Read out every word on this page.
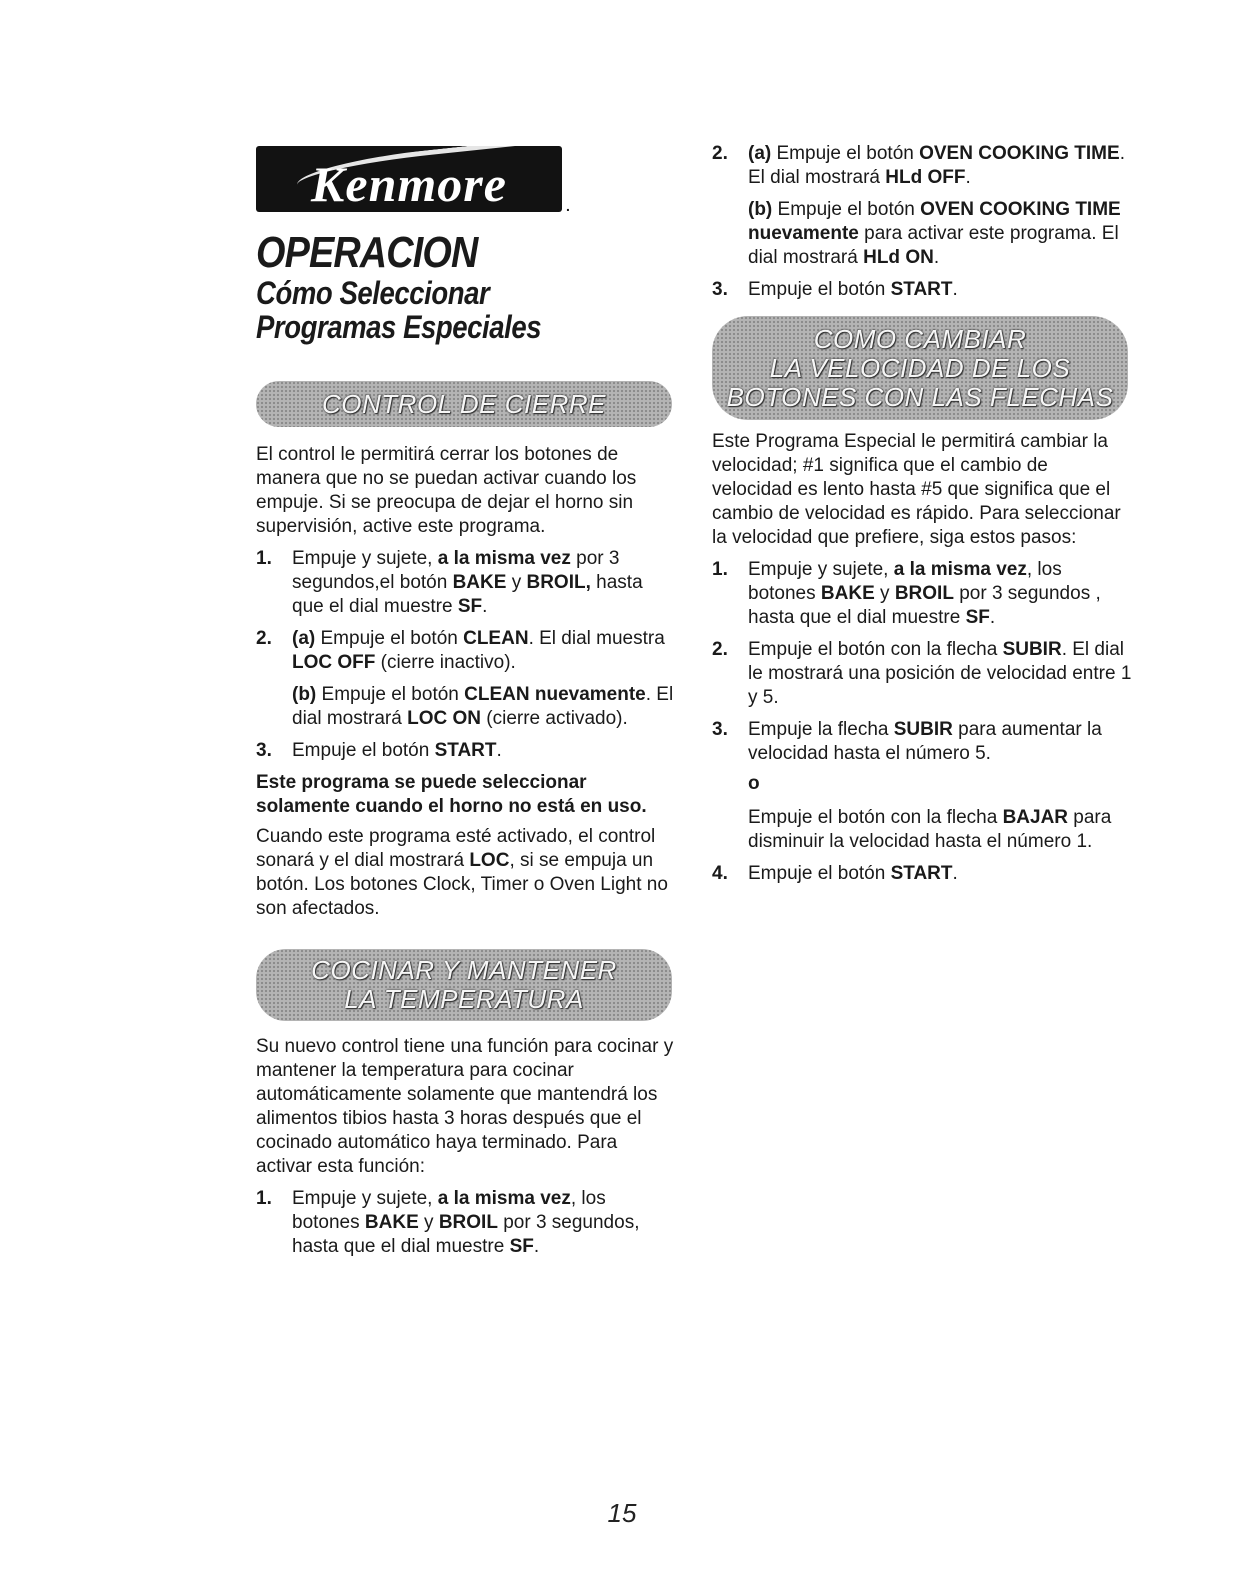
Kenmore	.
OPERACION
Cómo Seleccionar
Programas Especiales
CONTROL DE CIERRE

El control le permitirá cerrar los botones de manera que no se puedan activar cuando los empuje. Si se preocupa de dejar el horno sin supervisión, active este programa.

1. Empuje y sujete, a la misma vez por 3 segundos,el botón BAKE y BROIL, hasta que el dial muestre SF.
2. (a) Empuje el botón CLEAN. El dial muestra LOC OFF (cierre inactivo).
(b) Empuje el botón CLEAN nuevamente. El dial mostrará LOC ON (cierre activado).
3. Empuje el botón START.

Este programa se puede seleccionar solamente cuando el horno no está en uso.

Cuando este programa esté activado, el control sonará y el dial mostrará LOC, si se empuja un botón. Los botones Clock, Timer o Oven Light no son afectados.

COCINAR Y MANTENER
LA TEMPERATURA

Su nuevo control tiene una función para cocinar y mantener la temperatura para cocinar automáticamente solamente que mantendrá los alimentos tibios hasta 3 horas después que el cocinado automático haya terminado. Para activar esta función:

1. Empuje y sujete, a la misma vez, los botones BAKE y BROIL por 3 segundos, hasta que el dial muestre SF.
2. (a) Empuje el botón OVEN COOKING TIME. El dial mostrará HLd OFF.
(b) Empuje el botón OVEN COOKING TIME nuevamente para activar este programa. El dial mostrará HLd ON.
3. Empuje el botón START.
COMO CAMBIAR
LA VELOCIDAD DE LOS
BOTONES CON LAS FLECHAS

Este Programa Especial le permitirá cambiar la velocidad; #1 significa que el cambio de velocidad es lento hasta #5 que significa que el cambio de velocidad es rápido. Para seleccionar la velocidad que prefiere, siga estos pasos:

1. Empuje y sujete, a la misma vez, los botones BAKE y BROIL por 3 segundos , hasta que el dial muestre SF.
2. Empuje el botón con la flecha SUBIR. El dial le mostrará una posición de velocidad entre 1 y 5.
3. Empuje la flecha SUBIR para aumentar la velocidad hasta el número 5.
o
Empuje el botón con la flecha BAJAR para disminuir la velocidad hasta el número 1.
4. Empuje el botón START.
15
